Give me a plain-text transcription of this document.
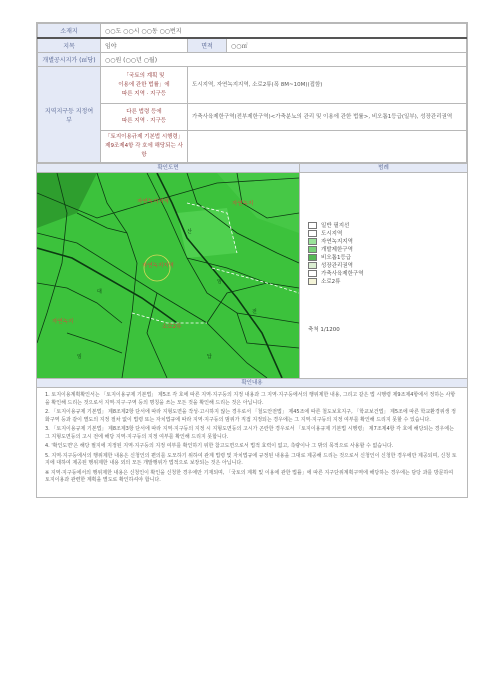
소재지	○○도 ○○시 ○○동 ○○번지		
지목	임야	면적	○○㎡
개별공시지가 (㎡당)	○○원 (○○년 ○월)		
지역지구등 지정여부	「국토의 계획 및
이용에 관한 법률」에
따른 지역 · 지구등	도시지역, 자연녹지지역, 소로2류(폭 8M~10M)(접함)	

	다른 법령 등에
따른 지역 · 지구등	가축사육제한구역(전부제한구역)<가축분뇨의 관리 및 이용에 관한 법률>, 비오톱1등급(일부), 성장관리권역	

	「토지이용규제 기본법 시행령」
제9조제4항 각 호에 해당되는 사항		

확인도면
자연녹지지역	자연녹지
자연녹지지역
자연녹지
소로2류
산
임
대
전
임	답
범례
일반 필지선
도시지역
자연녹지지역
개발제한구역
비오톱1등급
성장관리권역
가축사육제한구역
소로2류
축척 1/1200
확인내용

1. 토지이용계획확인서는 「토지이용규제 기본법」 제5조 각 호에 따른 지역·지구등의 지정 내용과 그 지역·지구등에서의 행위제한 내용, 그리고 같은 법 시행령 제9조제4항에서 정하는 사항을 확인해 드리는 것으로서 지역·지구·구역 등의 명칭을 쓰는 모든 것을 확인해 드리는 것은 아닙니다.

2. 「토지이용규제 기본법」 제8조제2항 단서에 따라 지형도면을 작성·고시하지 않는 경우로서 「철도안전법」 제45조에 따른 철도보호지구, 「학교보건법」 제5조에 따른 학교환경위생 정화구역 등과 같이 별도의 지정 절차 없이 법령 또는 자치법규에 따라 지역·지구등의 범위가 직접 지정되는 경우에는 그 지역·지구등의 지정 여부를 확인해 드리지 못할 수 있습니다.

3. 「토지이용규제 기본법」 제8조제3항 단서에 따라 지역·지구등의 지정 시 지형도면등의 고시가 곤란한 경우로서 「토지이용규제 기본법 시행령」 제7조제4항 각 호에 해당되는 경우에는 그 지형도면등의 고시 전에 해당 지역·지구등의 지정 여부를 확인해 드리지 못합니다.

4. '확인도면'은 해당 필지에 지정된 지역·지구등의 지정 여부를 확인하기 위한 참고도면으로서 법적 효력이 없고, 측량이나 그 밖의 목적으로 사용할 수 없습니다.

5. 지역·지구등에서의 행위제한 내용은 신청인의 편의를 도모하기 위하여 관계 법령 및 자치법규에 규정된 내용을 그대로 제공해 드리는 것으로서 신청인이 신청한 경우에만 제공되며, 신청 토지에 대하여 제공된 행위제한 내용 외의 모든 개발행위가 법적으로 보장되는 것은 아닙니다.

※ 지역·지구등에서의 행위제한 내용은 신청인이 확인을 신청한 경우에만 기재되며, 「국토의 계획 및 이용에 관한 법률」에 따른 지구단위계획구역에 해당하는 경우에는 담당 과를 방문하여 토지이용과 관련한 계획을 별도로 확인하셔야 합니다.
